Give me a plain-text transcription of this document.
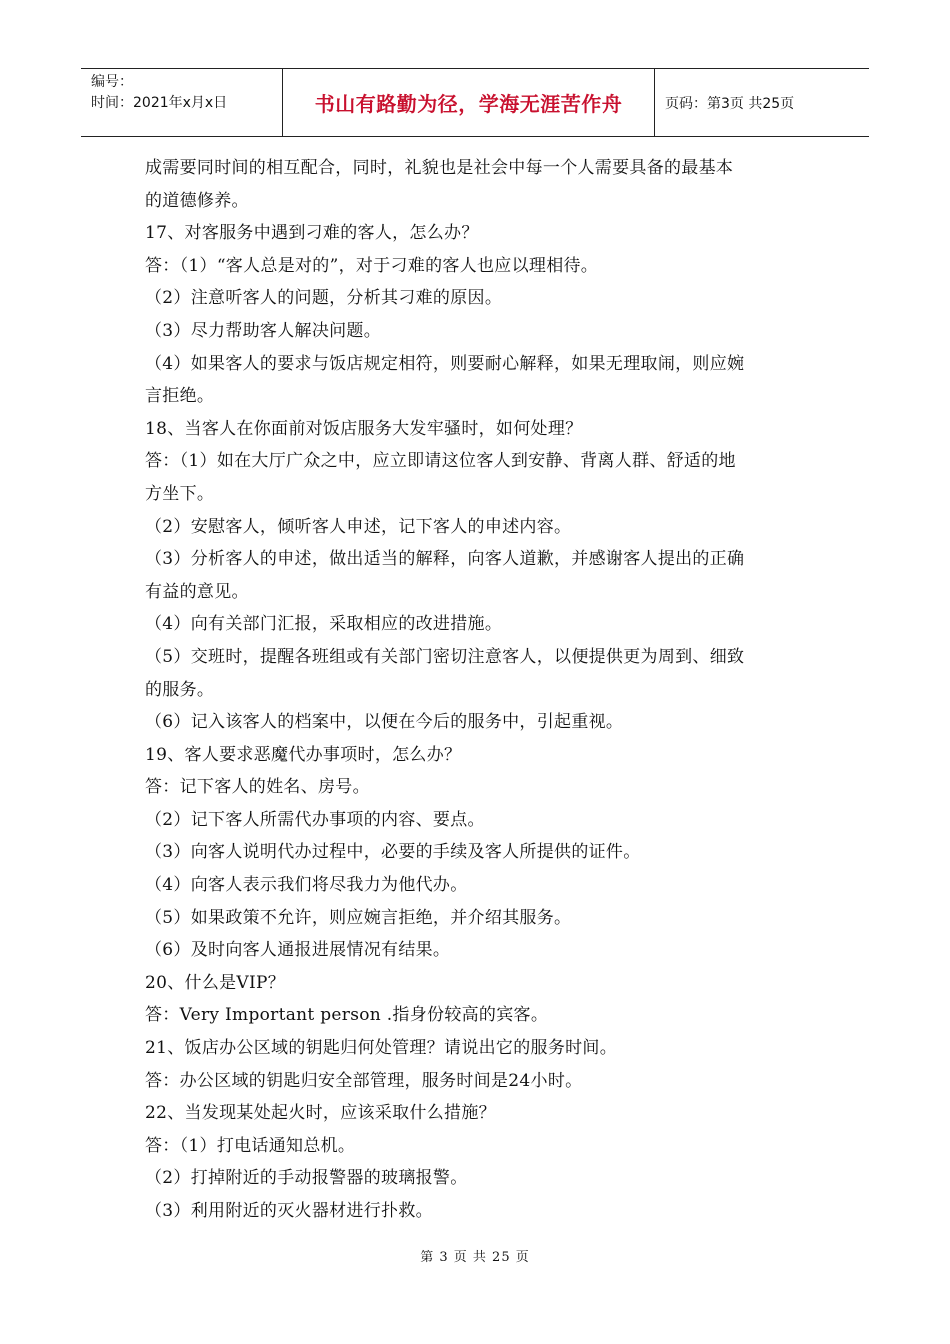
编号：
时间：2021年x月x日	书山有路勤为径，学海无涯苦作舟	页码：第3页 共25页
成需要同时间的相互配合，同时，礼貌也是社会中每一个人需要具备的最基本
的道德修养。
17、对客服务中遇到刁难的客人，怎么办？
答：（1）“客人总是对的”，对于刁难的客人也应以理相待。
（2）注意听客人的问题，分析其刁难的原因。
（3）尽力帮助客人解决问题。
（4）如果客人的要求与饭店规定相符，则要耐心解释，如果无理取闹，则应婉
言拒绝。
18、当客人在你面前对饭店服务大发牢骚时，如何处理？
答：（1）如在大厅广众之中，应立即请这位客人到安静、背离人群、舒适的地
方坐下。
（2）安慰客人，倾听客人申述，记下客人的申述内容。
（3）分析客人的申述，做出适当的解释，向客人道歉，并感谢客人提出的正确
有益的意见。
（4）向有关部门汇报，采取相应的改进措施。
（5）交班时，提醒各班组或有关部门密切注意客人，以便提供更为周到、细致
的服务。
（6）记入该客人的档案中，以便在今后的服务中，引起重视。
19、客人要求恶魔代办事项时，怎么办？
答：记下客人的姓名、房号。
（2）记下客人所需代办事项的内容、要点。
（3）向客人说明代办过程中，必要的手续及客人所提供的证件。
（4）向客人表示我们将尽我力为他代办。
（5）如果政策不允许，则应婉言拒绝，并介绍其服务。
（6）及时向客人通报进展情况有结果。
20、什么是VIP？
答：Very Important person .指身份较高的宾客。
21、饭店办公区域的钥匙归何处管理？请说出它的服务时间。
答：办公区域的钥匙归安全部管理，服务时间是24小时。
22、当发现某处起火时，应该采取什么措施？
答：（1）打电话通知总机。
（2）打掉附近的手动报警器的玻璃报警。
（3）利用附近的灭火器材进行扑救。
第 3 页 共 25 页
